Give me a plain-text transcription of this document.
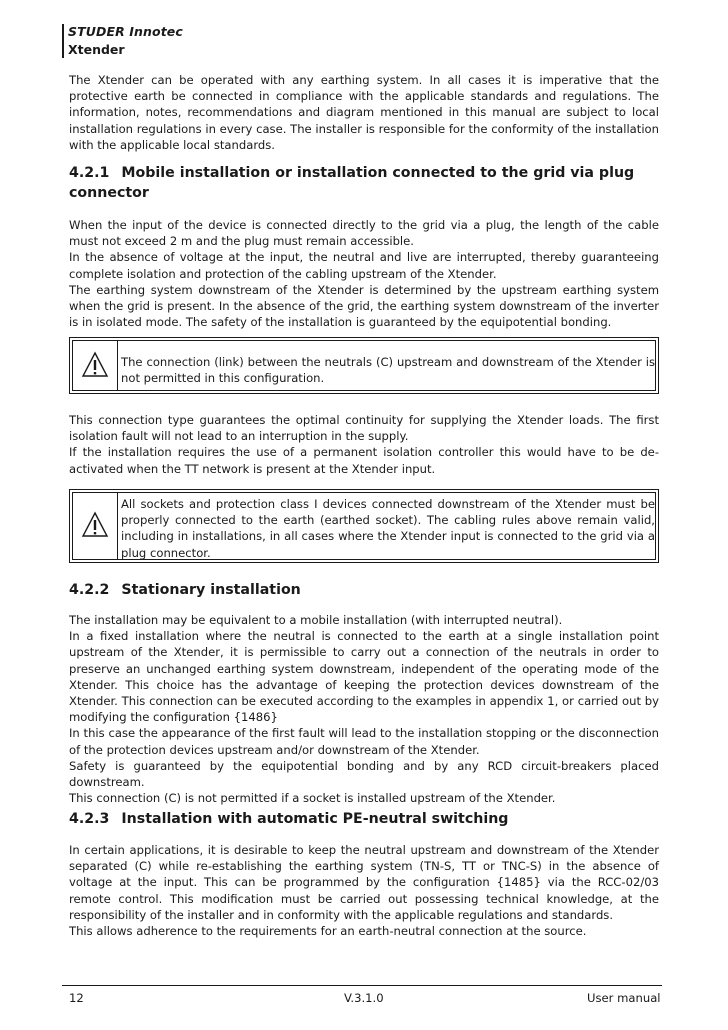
STUDER Innotec
Xtender

The Xtender can be operated with any earthing system. In all cases it is imperative that the protective earth be connected in compliance with the applicable standards and regulations. The information, notes, recommendations and diagram mentioned in this manual are subject to local installation regulations in every case. The installer is responsible for the conformity of the installation with the applicable local standards.

4.2.1 Mobile installation or installation connected to the grid via plug connector

When the input of the device is connected directly to the grid via a plug, the length of the cable must not exceed 2 m and the plug must remain accessible.

In the absence of voltage at the input, the neutral and live are interrupted, thereby guaranteeing complete isolation and protection of the cabling upstream of the Xtender.

The earthing system downstream of the Xtender is determined by the upstream earthing system when the grid is present. In the absence of the grid, the earthing system downstream of the inverter is in isolated mode. The safety of the installation is guaranteed by the equipotential bonding.

The connection (link) between the neutrals (C) upstream and downstream of the Xtender is not permitted in this configuration.

This connection type guarantees the optimal continuity for supplying the Xtender loads. The first isolation fault will not lead to an interruption in the supply.

If the installation requires the use of a permanent isolation controller this would have to be de-activated when the TT network is present at the Xtender input.

All sockets and protection class I devices connected downstream of the Xtender must be properly connected to the earth (earthed socket). The cabling rules above remain valid, including in installations, in all cases where the Xtender input is connected to the grid via a plug connector.

4.2.2 Stationary installation

The installation may be equivalent to a mobile installation (with interrupted neutral).

In a fixed installation where the neutral is connected to the earth at a single installation point upstream of the Xtender, it is permissible to carry out a connection of the neutrals in order to preserve an unchanged earthing system downstream, independent of the operating mode of the Xtender. This choice has the advantage of keeping the protection devices downstream of the Xtender. This connection can be executed according to the examples in appendix 1, or carried out by modifying the configuration {1486}

In this case the appearance of the first fault will lead to the installation stopping or the disconnection of the protection devices upstream and/or downstream of the Xtender.

Safety is guaranteed by the equipotential bonding and by any RCD circuit-breakers placed downstream.

This connection (C) is not permitted if a socket is installed upstream of the Xtender.

4.2.3 Installation with automatic PE-neutral switching

In certain applications, it is desirable to keep the neutral upstream and downstream of the Xtender separated (C) while re-establishing the earthing system (TN-S, TT or TNC-S) in the absence of voltage at the input. This can be programmed by the configuration {1485} via the RCC-02/03 remote control. This modification must be carried out possessing technical knowledge, at the responsibility of the installer and in conformity with the applicable regulations and standards.

This allows adherence to the requirements for an earth-neutral connection at the source.

12	V.3.1.0	User manual
